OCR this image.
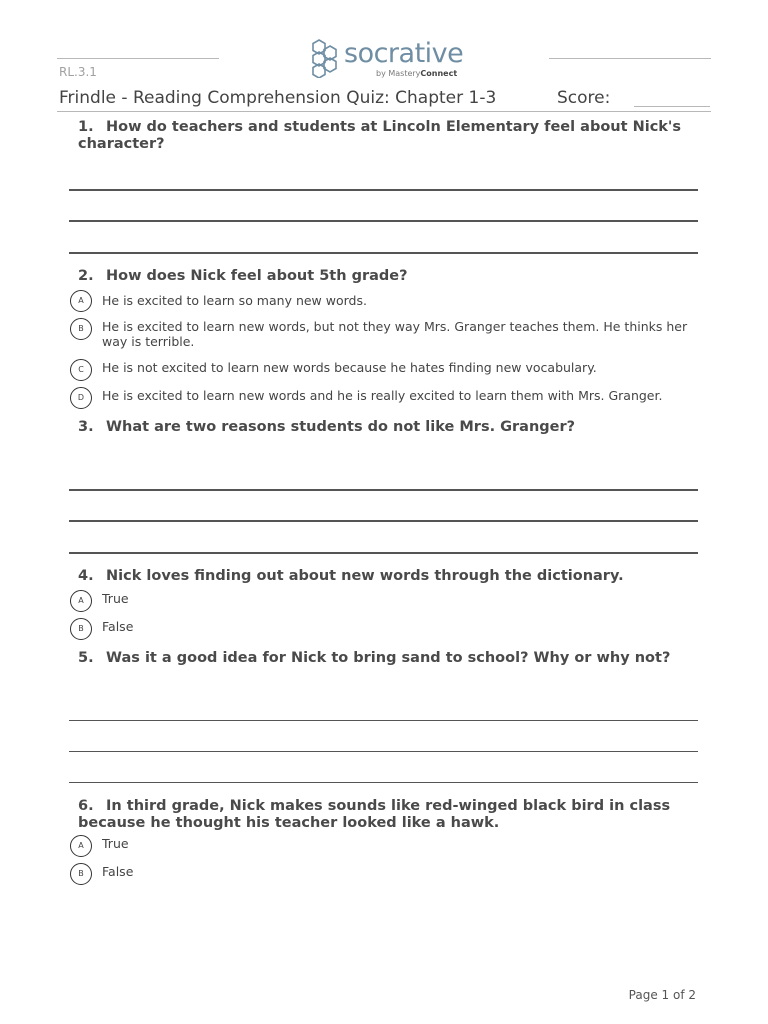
socrative
by MasteryConnect
RL.3.1
Frindle - Reading Comprehension Quiz: Chapter 1-3	Score:
1. How do teachers and students at Lincoln Elementary feel about Nick's character?
2. How does Nick feel about 5th grade?
A	He is excited to learn so many new words.
B	He is excited to learn new words, but not they way Mrs. Granger teaches them. He thinks her way is terrible.
C	He is not excited to learn new words because he hates finding new vocabulary.
D	He is excited to learn new words and he is really excited to learn them with Mrs. Granger.
3. What are two reasons students do not like Mrs. Granger?
4. Nick loves finding out about new words through the dictionary.
A	True
B	False
5. Was it a good idea for Nick to bring sand to school? Why or why not?
6. In third grade, Nick makes sounds like red-winged black bird in class because he thought his teacher looked like a hawk.
A	True
B	False
Page 1 of 2
